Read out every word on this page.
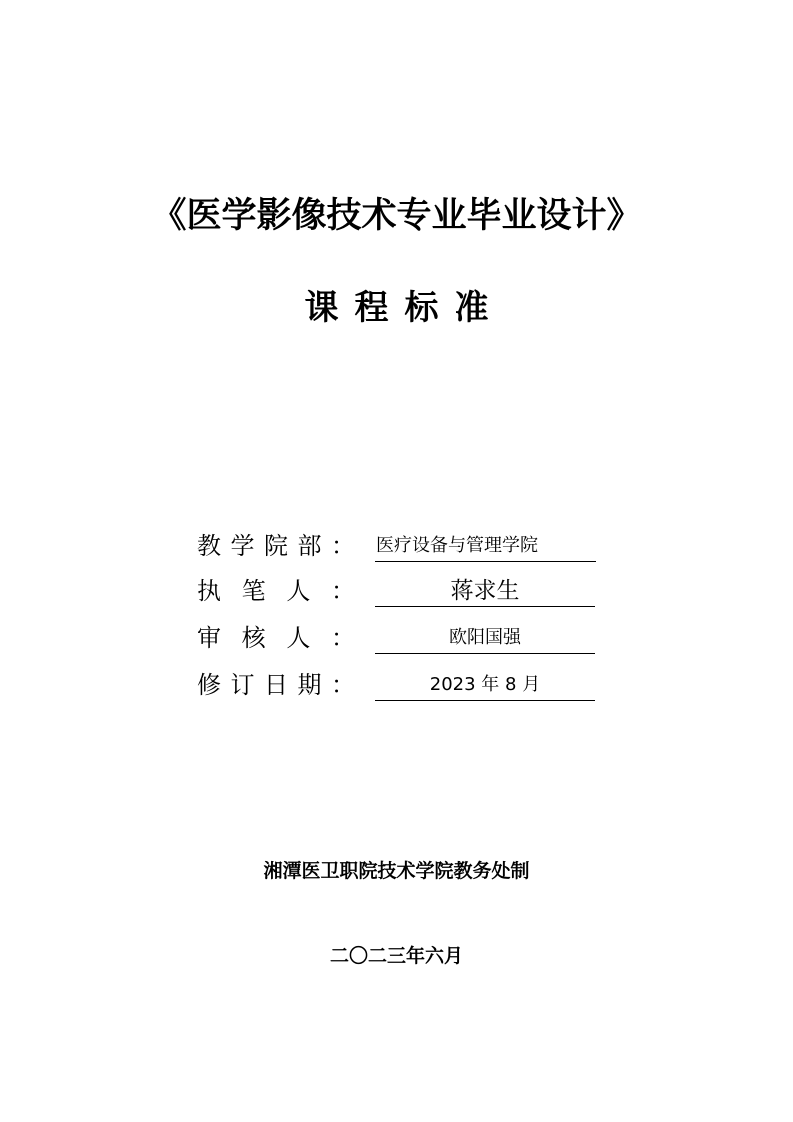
《医学影像技术专业毕业设计》
课程标准
教 学 院 部 ： 医疗设备与管理学院
执 笔 人 ：	蒋求生
审 核 人 ：	欧阳国强
修 订 日 期 ：	2023 年 8 月
湘潭医卫职院技术学院教务处制
二〇二三年六月
